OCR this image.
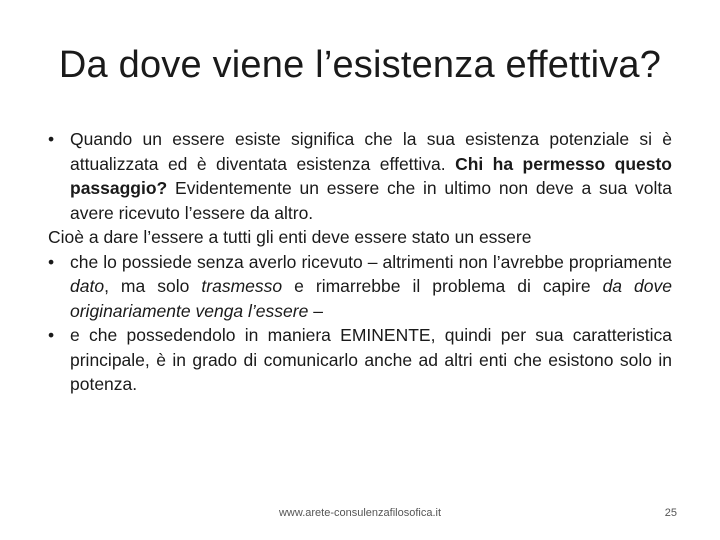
Da dove viene l’esistenza effettiva?
• Quando un essere esiste significa che la sua esistenza potenziale si è attualizzata ed è diventata esistenza effettiva. Chi ha permesso questo passaggio? Evidentemente un essere che in ultimo non deve a sua volta avere ricevuto l’essere da altro.
Cioè a dare l’essere a tutti gli enti deve essere stato un essere
• che lo possiede senza averlo ricevuto – altrimenti non l’avrebbe propriamente dato, ma solo trasmesso e rimarrebbe il problema di capire da dove originariamente venga l’essere –
• e che possedendolo in maniera EMINENTE, quindi per sua caratteristica principale, è in grado di comunicarlo anche ad altri enti che esistono solo in potenza.
www.arete-consulenzafilosofica.it	25
